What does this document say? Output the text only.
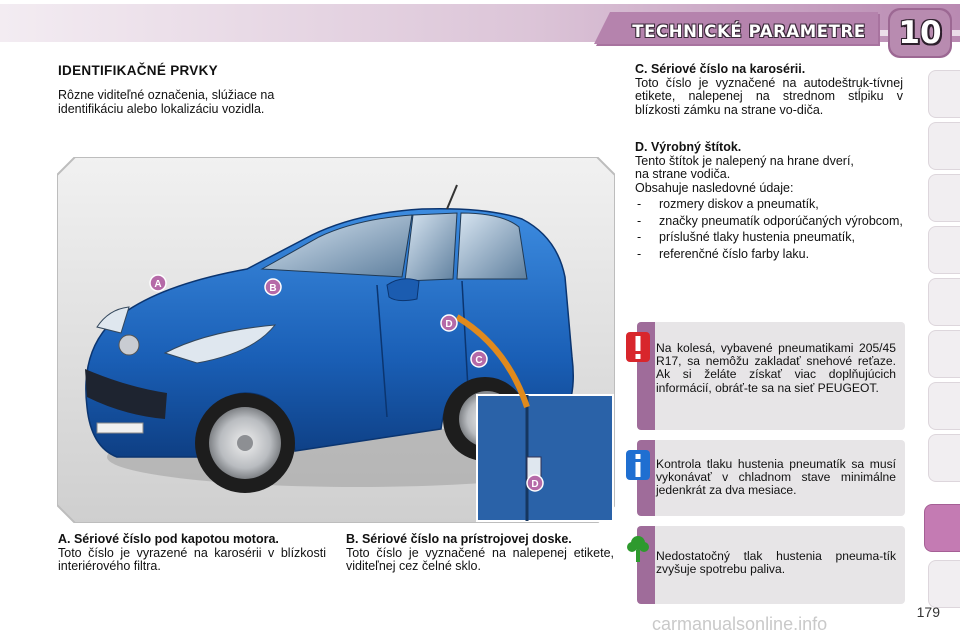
TECHNICKÉ PARAMETRE 10
IDENTIFIKAČNÉ PRVKY
Rôzne viditeľné označenia, slúžiace na
identifikáciu alebo lokalizáciu vozidla.
A	B
D
C
D
A. Sériové číslo pod kapotou motora.
Toto číslo je vyrazené na karosérii v blízkosti interiérového filtra.
B. Sériové číslo na prístrojovej doske.
Toto číslo je vyznačené na nalepenej etikete, viditeľnej cez čelné sklo.
C. Sériové číslo na karosérii.
Toto číslo je vyznačené na autodeštruk-tívnej etikete, nalepenej na strednom stĺpiku v blízkosti zámku na strane vo-diča.
D. Výrobný štítok.
Tento štítok je nalepený na hrane dverí,
na strane vodiča.
Obsahuje nasledovné údaje:
- rozmery diskov a pneumatík,
- značky pneumatík odporúčaných výrobcom,
- príslušné tlaky hustenia pneumatík,
- referenčné číslo farby laku.
Na kolesá, vybavené pneumatikami 205/45 R17, sa nemôžu zakladať snehové reťaze. Ak si želáte získať viac doplňujúcich informácií, obráť-te sa na sieť PEUGEOT.
Kontrola tlaku hustenia pneumatík sa musí vykonávať v chladnom stave minimálne jedenkrát za dva mesiace.
Nedostatočný tlak hustenia pneuma-tík zvyšuje spotrebu paliva.
179
carmanualsonline.info
